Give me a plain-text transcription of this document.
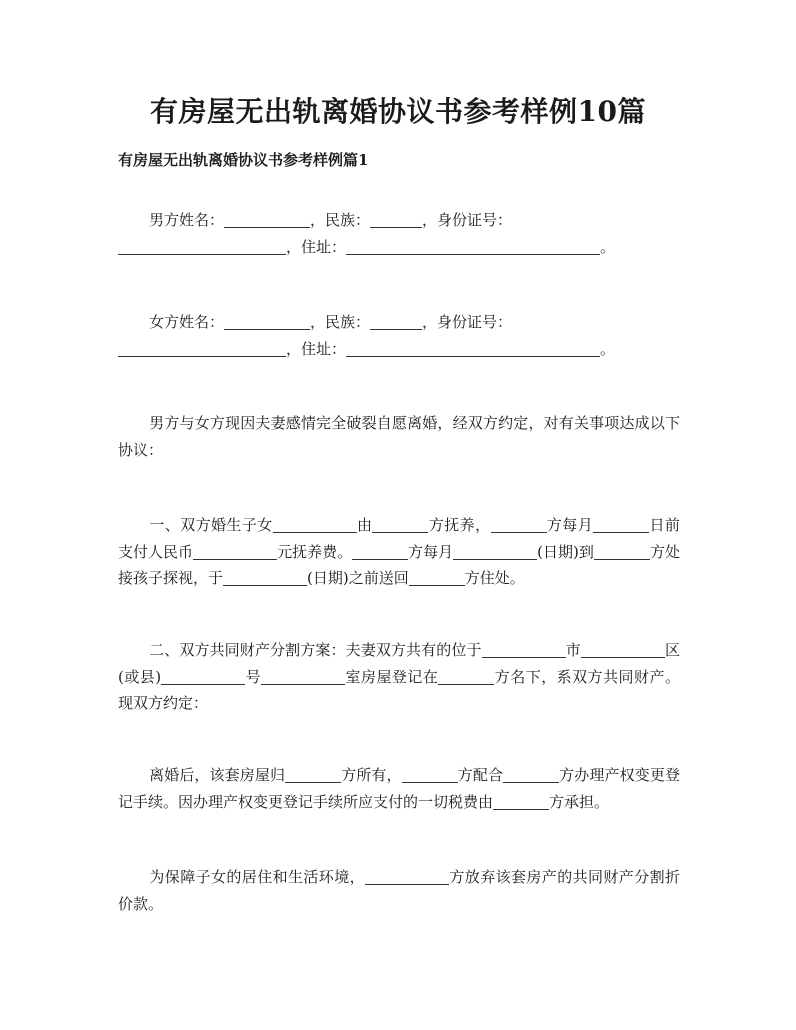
有房屋无出轨离婚协议书参考样例10篇
有房屋无出轨离婚协议书参考样例篇1
男方姓名：	，民族：	，身份证号：
，住址：	。
女方姓名：	，民族：	，身份证号：
，住址：	。
男方与女方现因夫妻感情完全破裂自愿离婚，经双方约定，对有关事项达成以下协议：
一、双方婚生子女	由	方抚养，	方每月	日前支付人民币	元抚养费。	方每月	(日期)到	方处接孩子探视，于	(日期)之前送回	方住处。
二、双方共同财产分割方案：夫妻双方共有的位于	市	区(或县)	号	室房屋登记在	方名下，系双方共同财产。现双方约定：
离婚后，该套房屋归	方所有，	方配合	方办理产权变更登记手续。因办理产权变更登记手续所应支付的一切税费由	方承担。
为保障子女的居住和生活环境，	方放弃该套房产的共同财产分割折价款。
